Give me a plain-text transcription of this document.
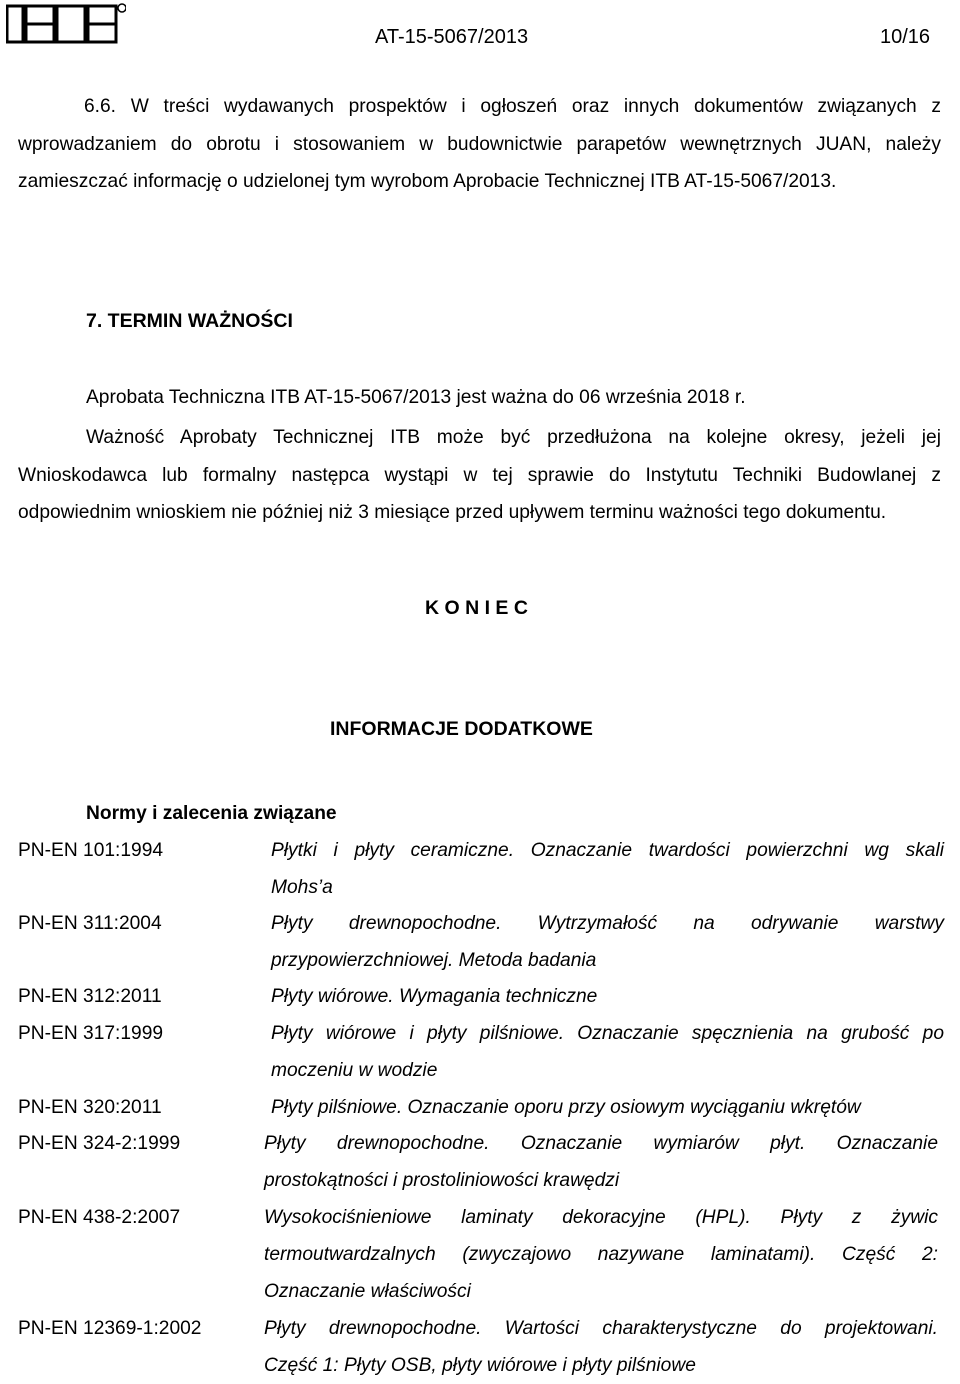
AT-15-5067/2013	10/16
6.6. W treści wydawanych prospektów i ogłoszeń oraz innych dokumentów związanych z wprowadzaniem do obrotu i stosowaniem w budownictwie parapetów wewnętrznych JUAN, należy zamieszczać informację o udzielonej tym wyrobom Aprobacie Technicznej ITB AT-15-5067/2013.
7. TERMIN WAŻNOŚCI
Aprobata Techniczna ITB AT-15-5067/2013 jest ważna do 06 września 2018 r.
Ważność Aprobaty Technicznej ITB może być przedłużona na kolejne okresy, jeżeli jej Wnioskodawca lub formalny następca wystąpi w tej sprawie do Instytutu Techniki Budowlanej z odpowiednim wnioskiem nie później niż 3 miesiące przed upływem terminu ważności tego dokumentu.
K O N I E C
INFORMACJE DODATKOWE
Normy i zalecenia związane
PN-EN 101:1994	Płytki i płyty ceramiczne. Oznaczanie twardości powierzchni wg skali
Mohs’a
PN-EN 311:2004	Płyty drewnopochodne. Wytrzymałość na odrywanie warstwy
przypowierzchniowej. Metoda badania
PN-EN 312:2011	Płyty wiórowe. Wymagania techniczne
PN-EN 317:1999	Płyty wiórowe i płyty pilśniowe. Oznaczanie spęcznienia na grubość po
moczeniu w wodzie
PN-EN 320:2011	Płyty pilśniowe. Oznaczanie oporu przy osiowym wyciąganiu wkrętów
PN-EN 324-2:1999	Płyty drewnopochodne. Oznaczanie wymiarów płyt. Oznaczanie
prostokątności i prostoliniowości krawędzi
PN-EN 438-2:2007	Wysokociśnieniowe laminaty dekoracyjne (HPL). Płyty z żywic
termoutwardzalnych (zwyczajowo nazywane laminatami). Część 2:
Oznaczanie właściwości
PN-EN 12369-1:2002	Płyty drewnopochodne. Wartości charakterystyczne do projektowani.
Część 1: Płyty OSB, płyty wiórowe i płyty pilśniowe
